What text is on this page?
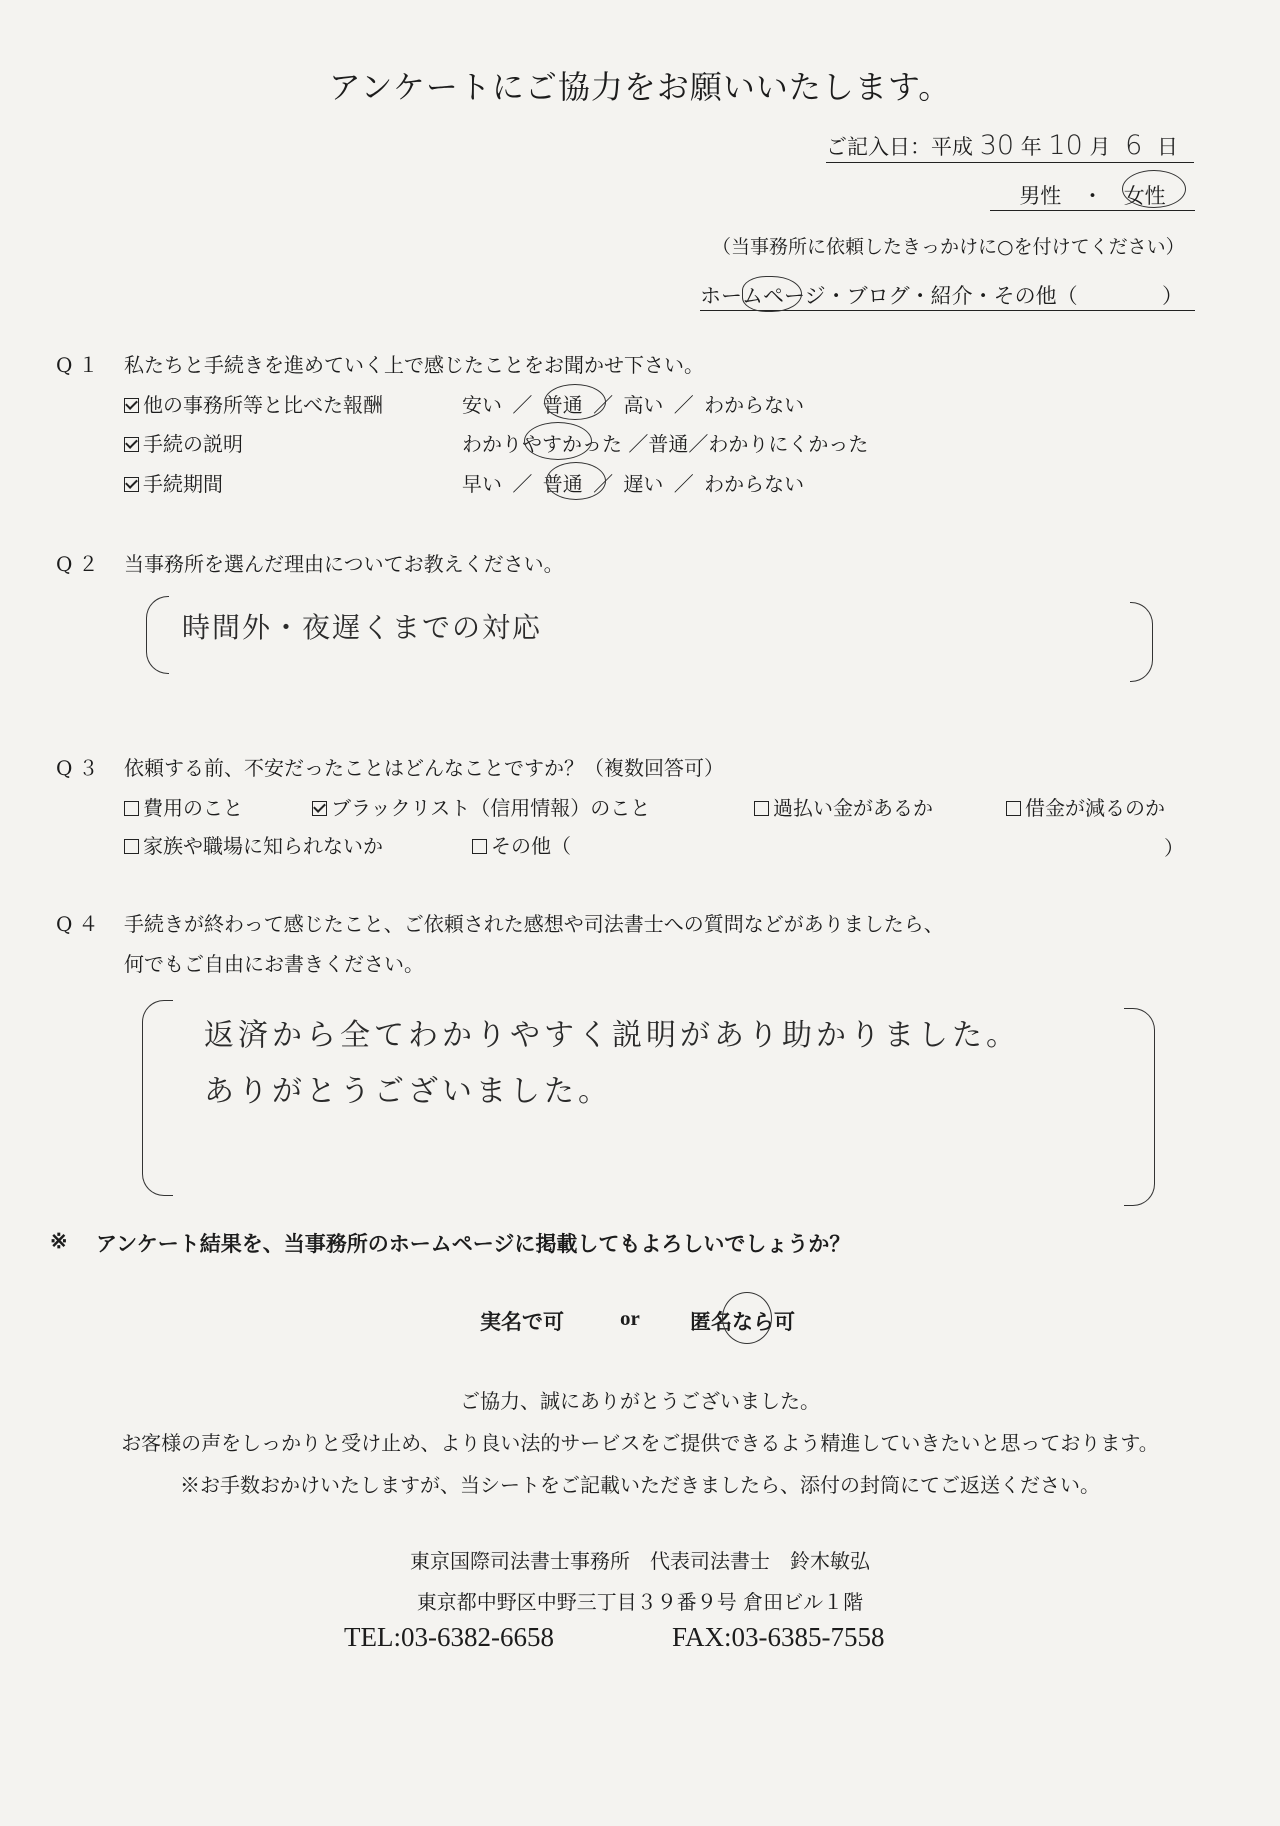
アンケートにご協力をお願いいたします。
ご記入日：平成 30 年 10 月 6 日
男性 ・ 女性
（当事務所に依頼したきっかけに○を付けてください）
ホームページ・ブログ・紹介・その他（	）
Q１ 私たちと手続きを進めていく上で感じたことをお聞かせ下さい。
他の事務所等と比べた報酬	安い ／ 普通 ／ 高い ／ わからない
手続の説明	わかりやすかった ／普通／わかりにくかった
手続期間	早い ／ 普通 ／ 遅い ／ わからない
Q２ 当事務所を選んだ理由についてお教えください。
時間外・夜遅くまでの対応
Q３ 依頼する前、不安だったことはどんなことですか？（複数回答可）
費用のこと	ブラックリスト（信用情報）のこと	過払い金があるか	借金が減るのか
家族や職場に知られないか	その他（	）
Q４ 手続きが終わって感じたこと、ご依頼された感想や司法書士への質問などがありましたら、
何でもご自由にお書きください。
返済から全てわかりやすく説明があり助かりました。
ありがとうございました。
※ アンケート結果を、当事務所のホームページに掲載してもよろしいでしょうか？
実名で可	or 匿名なら可
ご協力、誠にありがとうございました。
お客様の声をしっかりと受け止め、より良い法的サービスをご提供できるよう精進していきたいと思っております。
※お手数おかけいたしますが、当シートをご記載いただきましたら、添付の封筒にてご返送ください。
東京国際司法書士事務所　代表司法書士　鈴木敏弘
東京都中野区中野三丁目３９番９号 倉田ビル１階
TEL:03-6382-6658	FAX:03-6385-7558
